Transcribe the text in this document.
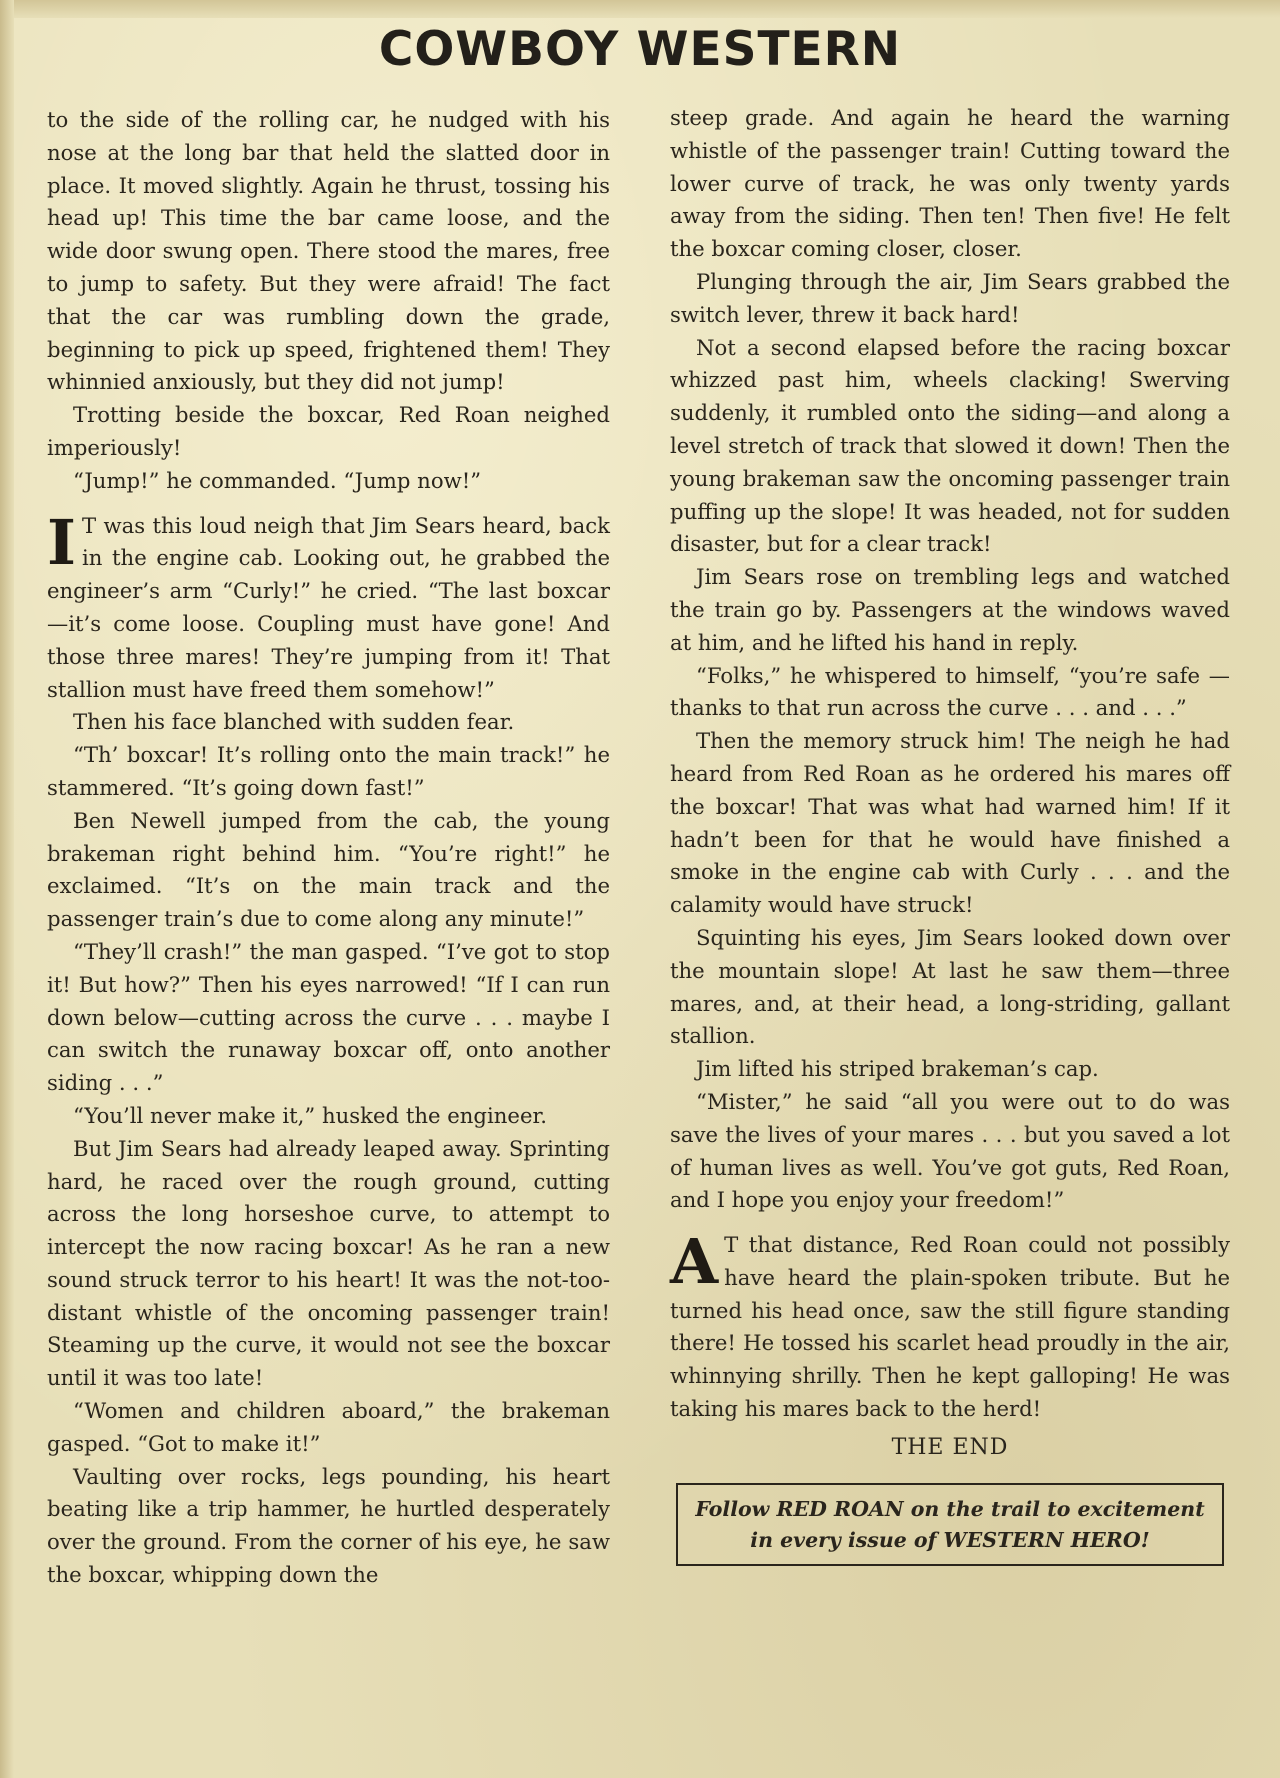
COWBOY WESTERN

to the side of the rolling car, he nudged with his nose at the long bar that held the slatted door in place. It moved slightly. Again he thrust, tossing his head up! This time the bar came loose, and the wide door swung open. There stood the mares, free to jump to safety. But they were afraid! The fact that the car was rumbling down the grade, beginning to pick up speed, frightened them! They whinnied anxiously, but they did not jump!

Trotting beside the boxcar, Red Roan neighed imperiously!

“Jump!” he commanded. “Jump now!”

I T was this loud neigh that Jim Sears heard, back in the engine cab. Looking out, he grabbed the engineer’s arm “Curly!” he cried. “The last boxcar—it’s come loose. Coupling must have gone! And those three mares! They’re jumping from it! That stallion must have freed them somehow!”

Then his face blanched with sudden fear.

“Th’ boxcar! It’s rolling onto the main track!” he stammered. “It’s going down fast!”

Ben Newell jumped from the cab, the young brakeman right behind him. “You’re right!” he exclaimed. “It’s on the main track and the passenger train’s due to come along any minute!”

“They’ll crash!” the man gasped. “I’ve got to stop it! But how?” Then his eyes narrowed! “If I can run down below—cutting across the curve . . . maybe I can switch the runaway boxcar off, onto another siding . . .”

“You’ll never make it,” husked the engineer.

But Jim Sears had already leaped away. Sprinting hard, he raced over the rough ground, cutting across the long horseshoe curve, to attempt to intercept the now racing boxcar! As he ran a new sound struck terror to his heart! It was the not-too-distant whistle of the oncoming passenger train! Steaming up the curve, it would not see the boxcar until it was too late!

“Women and children aboard,” the brakeman gasped. “Got to make it!”

Vaulting over rocks, legs pounding, his heart beating like a trip hammer, he hurtled desperately over the ground. From the corner of his eye, he saw the boxcar, whipping down the

steep grade. And again he heard the warning whistle of the passenger train! Cutting toward the lower curve of track, he was only twenty yards away from the siding. Then ten! Then five! He felt the boxcar coming closer, closer.

Plunging through the air, Jim Sears grabbed the switch lever, threw it back hard!

Not a second elapsed before the racing boxcar whizzed past him, wheels clacking! Swerving suddenly, it rumbled onto the siding—and along a level stretch of track that slowed it down! Then the young brakeman saw the oncoming passenger train puffing up the slope! It was headed, not for sudden disaster, but for a clear track!

Jim Sears rose on trembling legs and watched the train go by. Passengers at the windows waved at him, and he lifted his hand in reply.

“Folks,” he whispered to himself, “you’re safe —thanks to that run across the curve . . . and . . .”

Then the memory struck him! The neigh he had heard from Red Roan as he ordered his mares off the boxcar! That was what had warned him! If it hadn’t been for that he would have finished a smoke in the engine cab with Curly . . . and the calamity would have struck!

Squinting his eyes, Jim Sears looked down over the mountain slope! At last he saw them—three mares, and, at their head, a long-striding, gallant stallion.

Jim lifted his striped brakeman’s cap.

“Mister,” he said “all you were out to do was save the lives of your mares . . . but you saved a lot of human lives as well. You’ve got guts, Red Roan, and I hope you enjoy your freedom!”

A T that distance, Red Roan could not possibly have heard the plain-spoken tribute. But he turned his head once, saw the still figure standing there! He tossed his scarlet head proudly in the air, whinnying shrilly. Then he kept galloping! He was taking his mares back to the herd!

THE END
Follow RED ROAN on the trail to excitement in every issue of WESTERN HERO!
